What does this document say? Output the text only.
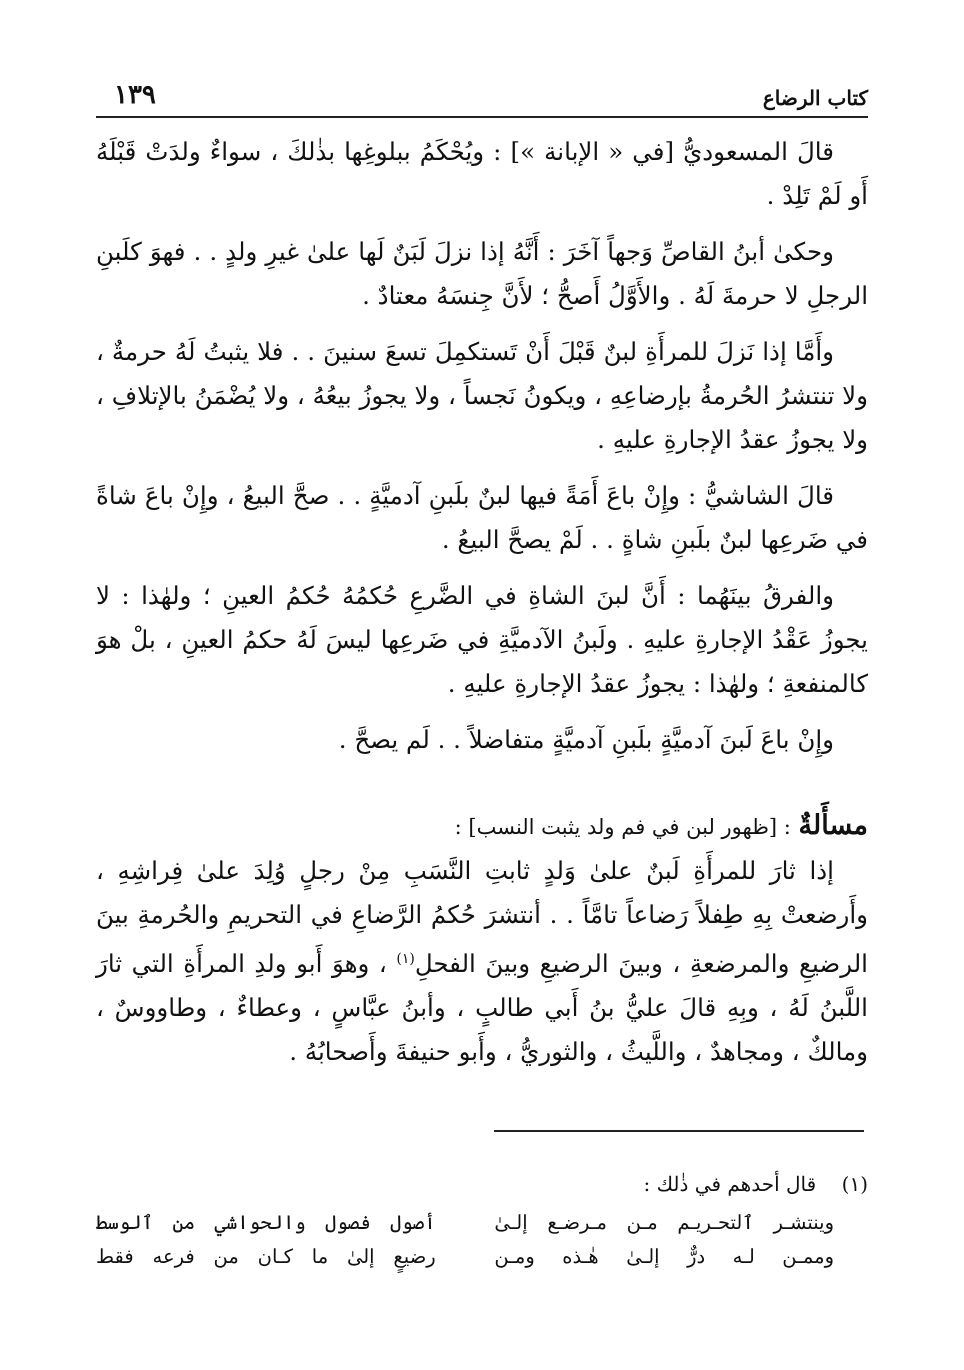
كتاب الرضاع
١٣٩

قالَ المسعوديُّ [في « الإبانة »] : ويُحْكَمُ ببلوغِها بذٰلكَ ، سواءٌ ولدَتْ قَبْلَهُ أَو لَمْ تَلِدْ .

وحكىٰ أبنُ القاصِّ وَجهاً آخَرَ : أَنَّهُ إذا نزلَ لَبَنٌ لَها علىٰ غيرِ ولدٍ . . فهوَ كلَبنِ الرجلِ لا حرمةَ لَهُ . والأَوَّلُ أَصحُّ ؛ لأَنَّ جِنسَهُ معتادٌ .

وأَمَّا إذا نَزلَ للمرأَةِ لبنٌ قَبْلَ أَنْ تَستكمِلَ تسعَ سنينَ . . فلا يثبتُ لَهُ حرمةٌ ، ولا تنتشرُ الحُرمةُ بإرضاعِهِ ، ويكونُ نَجساً ، ولا يجوزُ بيعُهُ ، ولا يُضْمَنُ بالإتلافِ ، ولا يجوزُ عقدُ الإجارةِ عليهِ .

قالَ الشاشيُّ : وإِنْ باعَ أَمَةً فيها لبنٌ بلَبنِ آدميَّةٍ . . صحَّ البيعُ ، وإِنْ باعَ شاةً في ضَرعِها لبنٌ بلَبنِ شاةٍ . . لَمْ يصحَّ البيعُ .

والفرقُ بينَهُما : أَنَّ لبنَ الشاةِ في الضَّرعِ حُكمُهُ حُكمُ العينِ ؛ ولهٰذا : لا يجوزُ عَقْدُ الإجارةِ عليهِ . ولَبنُ الآدميَّةِ في ضَرعِها ليسَ لَهُ حكمُ العينِ ، بلْ هوَ كالمنفعةِ ؛ ولهٰذا : يجوزُ عقدُ الإجارةِ عليهِ .

وإِنْ باعَ لَبنَ آدميَّةٍ بلَبنِ آدميَّةٍ متفاضلاً . . لَم يصحَّ .

مسأَلةٌ : [ظهور لبن في فم ولد يثبت النسب] :

إذا ثارَ للمرأَةِ لَبنٌ علىٰ وَلدٍ ثابتِ النَّسَبِ مِنْ رجلٍ وُلِدَ علىٰ فِراشِهِ ، وأَرضعتْ بِهِ طِفلاً رَضاعاً تامَّاً . . أنتشرَ حُكمُ الرَّضاعِ في التحريمِ والحُرمةِ بينَ الرضيعِ والمرضعةِ ، وبينَ الرضيعِ وبينَ الفحلِ$^{(١)}$ ، وهوَ أَبو ولدِ المرأَةِ التي ثارَ اللَّبنُ لَهُ ، وبِهِ قالَ عليُّ بنُ أَبي طالبٍ ، وأبنُ عبَّاسٍ ، وعطاءٌ ، وطاووسٌ ، ومالكٌ ، ومجاهدٌ ، واللَّيثُ ، والثوريُّ ، وأَبو حنيفةَ وأَصحابُهُ .

(١)    قال أحدهم في ذٰلك :
وينتشـر ٱلتحـريـم مـن مـرضـع إلـىٰ
أصول فصول والحواشي من ٱلوسط
وممـن لـه درٌّ إلـىٰ هٰـذه ومـن
رضيعٍ إلىٰ ما كـان من فرعه فقط
